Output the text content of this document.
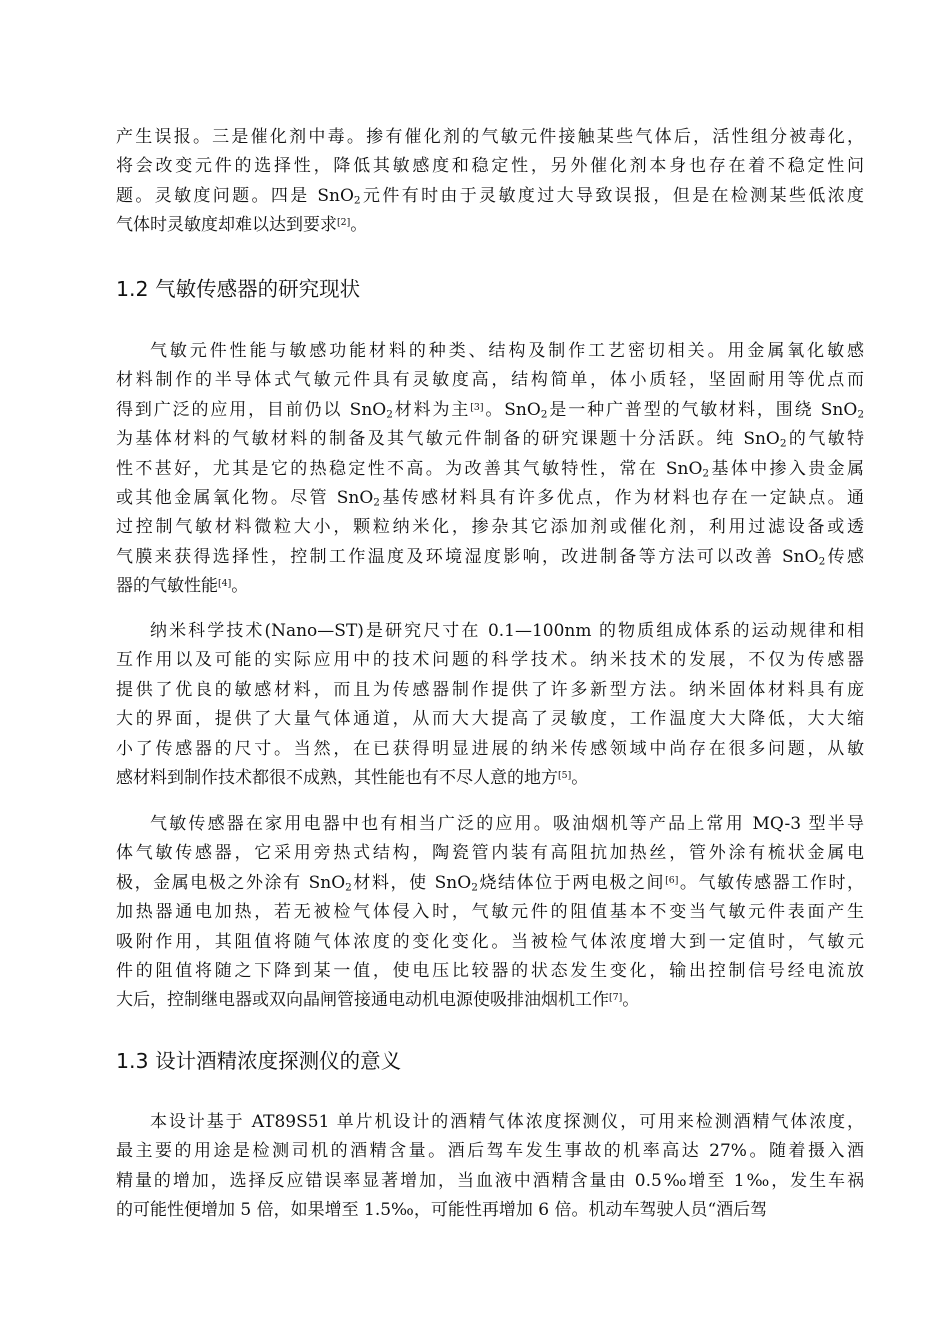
产生误报。三是催化剂中毒。掺有催化剂的气敏元件接触某些气体后，活性组分被毒化，
将会改变元件的选择性，降低其敏感度和稳定性，另外催化剂本身也存在着不稳定性问
题。灵敏度问题。四是 SnO$_2$元件有时由于灵敏度过大导致误报，但是在检测某些低浓度
气体时灵敏度却难以达到要求[2]。
1.2 气敏传感器的研究现状
气敏元件性能与敏感功能材料的种类、结构及制作工艺密切相关。用金属氧化敏感
材料制作的半导体式气敏元件具有灵敏度高，结构简单，体小质轻，坚固耐用等优点而
得到广泛的应用，目前仍以 SnO$_2$材料为主[3]。SnO$_2$是一种广普型的气敏材料，围绕 SnO$_2$
为基体材料的气敏材料的制备及其气敏元件制备的研究课题十分活跃。纯 SnO$_2$的气敏特
性不甚好，尤其是它的热稳定性不高。为改善其气敏特性，常在 SnO$_2$基体中掺入贵金属
或其他金属氧化物。尽管 SnO$_2$基传感材料具有许多优点，作为材料也存在一定缺点。通
过控制气敏材料微粒大小，颗粒纳米化，掺杂其它添加剂或催化剂，利用过滤设备或透
气膜来获得选择性，控制工作温度及环境湿度影响，改进制备等方法可以改善 SnO$_2$传感
器的气敏性能[4]。
纳米科学技术(Nano—ST)是研究尺寸在 0.1—100nm 的物质组成体系的运动规律和相
互作用以及可能的实际应用中的技术问题的科学技术。纳米技术的发展，不仅为传感器
提供了优良的敏感材料，而且为传感器制作提供了许多新型方法。纳米固体材料具有庞
大的界面，提供了大量气体通道，从而大大提高了灵敏度，工作温度大大降低，大大缩
小了传感器的尺寸。当然，在已获得明显进展的纳米传感领域中尚存在很多问题，从敏
感材料到制作技术都很不成熟，其性能也有不尽人意的地方[5]。
气敏传感器在家用电器中也有相当广泛的应用。吸油烟机等产品上常用 MQ-3 型半导
体气敏传感器，它采用旁热式结构，陶瓷管内装有高阻抗加热丝，管外涂有梳状金属电
极，金属电极之外涂有 SnO$_2$材料，使 SnO$_2$烧结体位于两电极之间[6]。气敏传感器工作时，
加热器通电加热，若无被检气体侵入时，气敏元件的阻值基本不变当气敏元件表面产生
吸附作用，其阻值将随气体浓度的变化变化。当被检气体浓度增大到一定值时，气敏元
件的阻值将随之下降到某一值，使电压比较器的状态发生变化，输出控制信号经电流放
大后，控制继电器或双向晶闸管接通电动机电源使吸排油烟机工作[7]。
1.3 设计酒精浓度探测仪的意义
本设计基于 AT89S51 单片机设计的酒精气体浓度探测仪，可用来检测酒精气体浓度，
最主要的用途是检测司机的酒精含量。酒后驾车发生事故的机率高达 27%。随着摄入酒
精量的增加，选择反应错误率显著增加，当血液中酒精含量由 0.5‰增至 1‰，发生车祸
的可能性便增加 5 倍，如果增至 1.5‰，可能性再增加 6 倍。机动车驾驶人员“酒后驾
